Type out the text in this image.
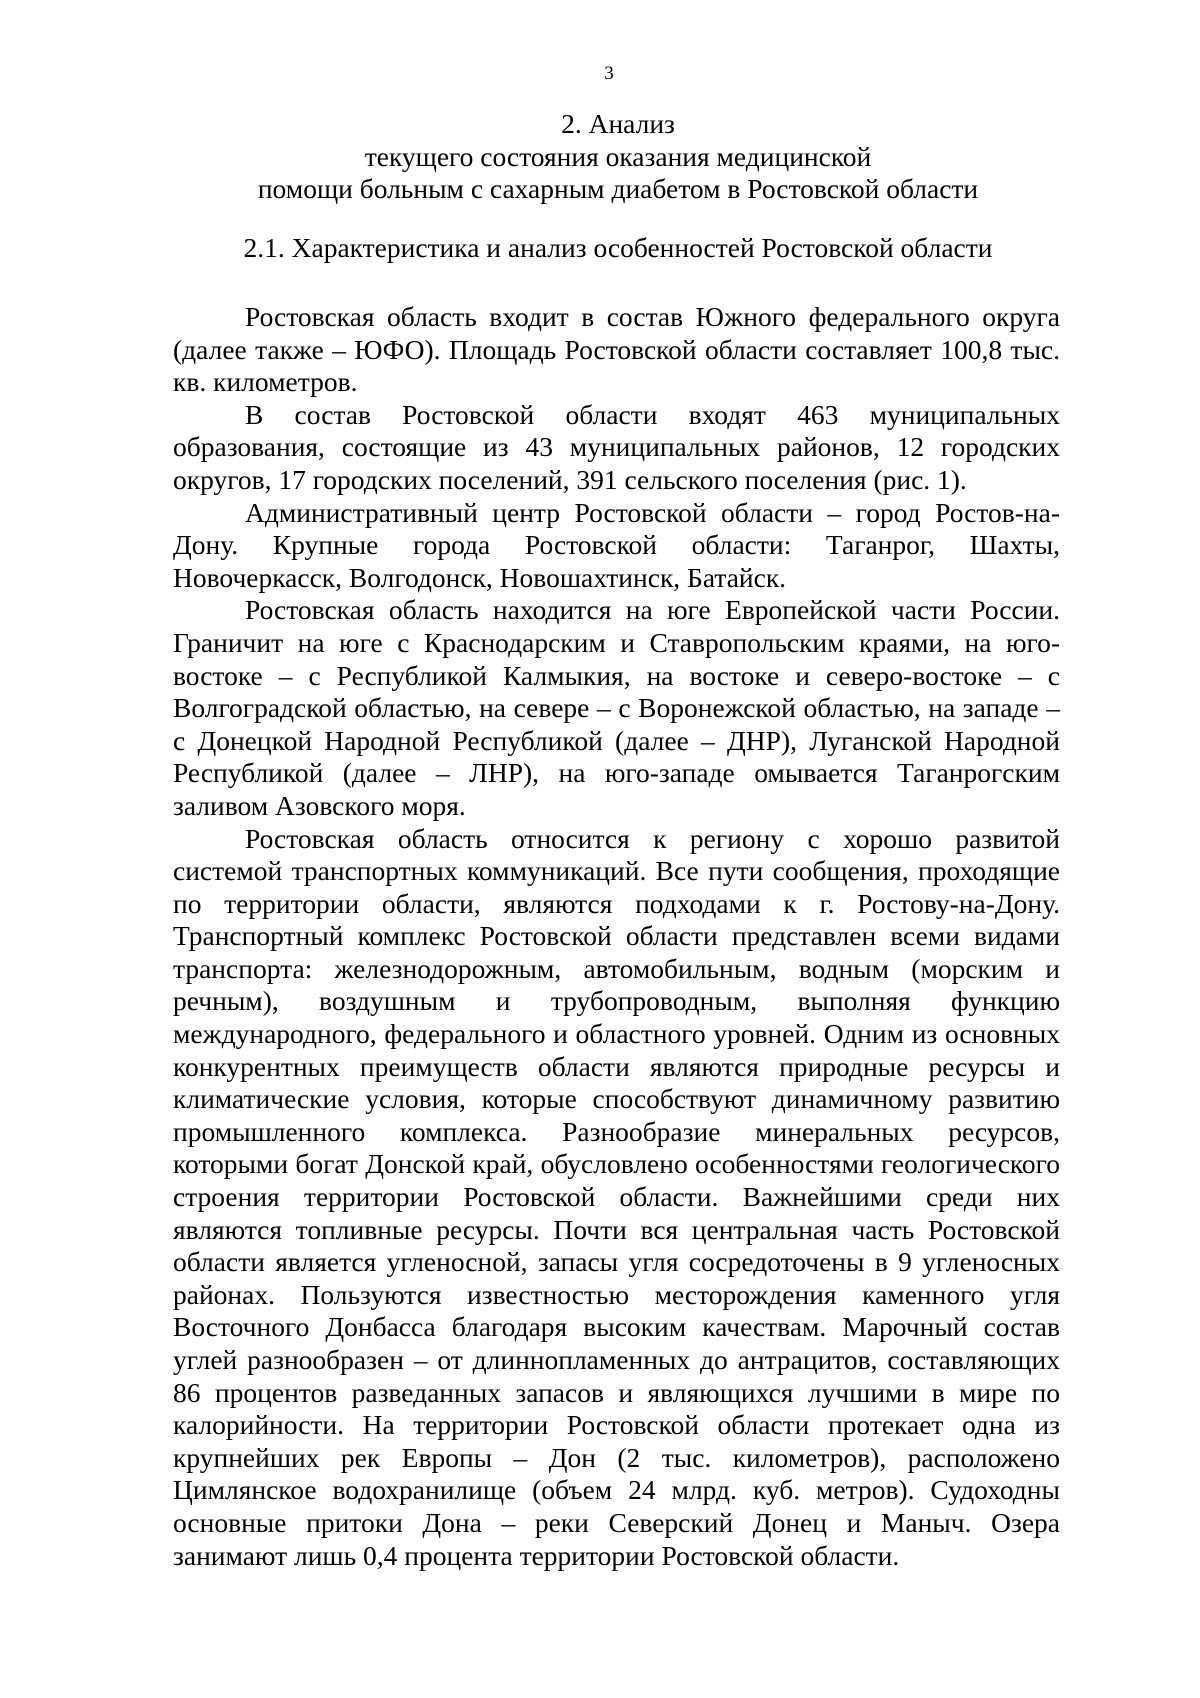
3
2. Анализ
текущего состояния оказания медицинской
помощи больным с сахарным диабетом в Ростовской области
2.1. Характеристика и анализ особенностей Ростовской области

Ростовская область входит в состав Южного федерального округа (далее также – ЮФО). Площадь Ростовской области составляет 100,8 тыс. кв. километров.

В состав Ростовской области входят 463 муниципальных образования, состоящие из 43 муниципальных районов, 12 городских округов, 17 городских поселений, 391 сельского поселения (рис. 1).

Административный центр Ростовской области – город Ростов-на-Дону. Крупные города Ростовской области: Таганрог, Шахты, Новочеркасск, Волгодонск, Новошахтинск, Батайск.

Ростовская область находится на юге Европейской части России. Граничит на юге с Краснодарским и Ставропольским краями, на юго-востоке – с Республикой Калмыкия, на востоке и северо-востоке – с Волгоградской областью, на севере – с Воронежской областью, на западе – с Донецкой Народной Республикой (далее – ДНР), Луганской Народной Республикой (далее – ЛНР), на юго-западе омывается Таганрогским заливом Азовского моря.

Ростовская область относится к региону с хорошо развитой системой транспортных коммуникаций. Все пути сообщения, проходящие по территории области, являются подходами к г. Ростову-на-Дону. Транспортный комплекс Ростовской области представлен всеми видами транспорта: железнодорожным, автомобильным, водным (морским и речным), воздушным и трубопроводным, выполняя функцию международного, федерального и областного уровней. Одним из основных конкурентных преимуществ области являются природные ресурсы и климатические условия, которые способствуют динамичному развитию промышленного комплекса. Разнообразие минеральных ресурсов, которыми богат Донской край, обусловлено особенностями геологического строения территории Ростовской области. Важнейшими среди них являются топливные ресурсы. Почти вся центральная часть Ростовской области является угленосной, запасы угля сосредоточены в 9 угленосных районах. Пользуются известностью месторождения каменного угля Восточного Донбасса благодаря высоким качествам. Марочный состав углей разнообразен – от длиннопламенных до антрацитов, составляющих 86 процентов разведанных запасов и являющихся лучшими в мире по калорийности. На территории Ростовской области протекает одна из крупнейших рек Европы – Дон (2 тыс. километров), расположено Цимлянское водохранилище (объем 24 млрд. куб. метров). Судоходны основные притоки Дона – реки Северский Донец и Маныч. Озера занимают лишь 0,4 процента территории Ростовской области.
